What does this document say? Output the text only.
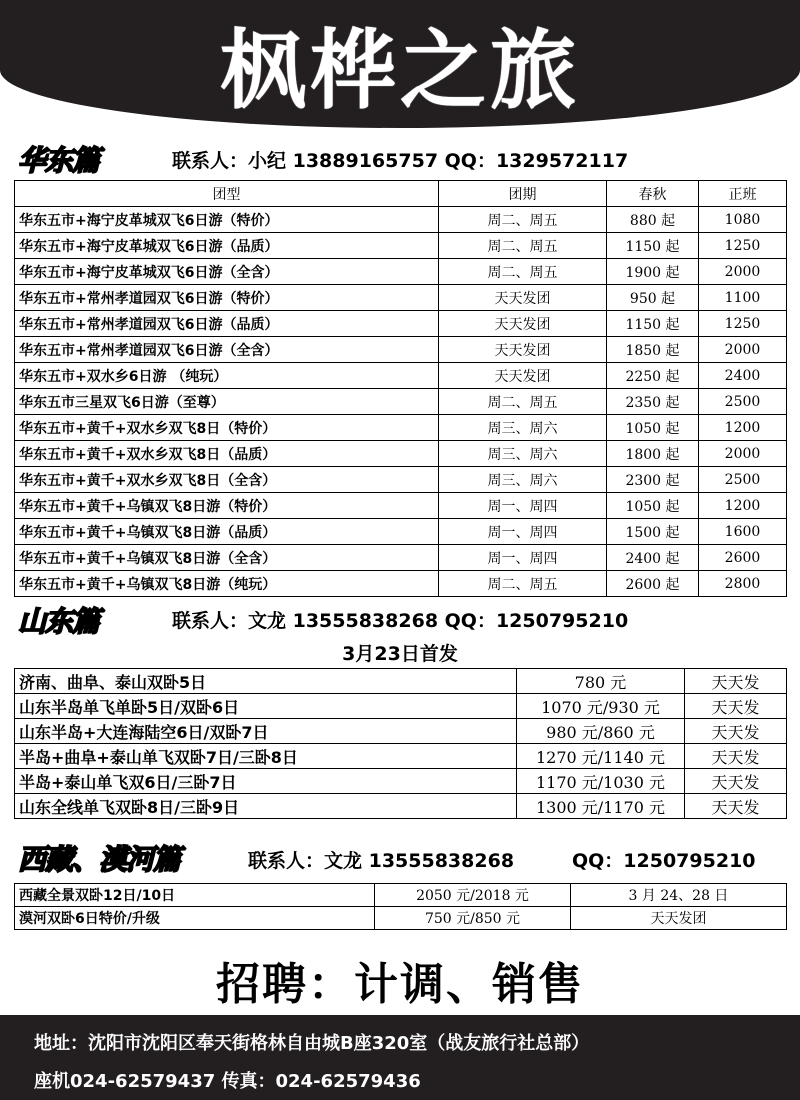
枫桦之旅
华东篇	联系人：小纪 13889165757 QQ：1329572117
团型	团期	春秋	正班
华东五市+海宁皮革城双飞6日游（特价）	周二、周五	880 起	1080
华东五市+海宁皮革城双飞6日游（品质）	周二、周五	1150 起	1250
华东五市+海宁皮革城双飞6日游（全含）	周二、周五	1900 起	2000
华东五市+常州孝道园双飞6日游（特价）	天天发团	950 起	1100
华东五市+常州孝道园双飞6日游（品质）	天天发团	1150 起	1250
华东五市+常州孝道园双飞6日游（全含）	天天发团	1850 起	2000
华东五市+双水乡6日游 （纯玩）	天天发团	2250 起	2400
华东五市三星双飞6日游（至尊）	周二、周五	2350 起	2500
华东五市+黄千+双水乡双飞8日（特价）	周三、周六	1050 起	1200
华东五市+黄千+双水乡双飞8日（品质）	周三、周六	1800 起	2000
华东五市+黄千+双水乡双飞8日（全含）	周三、周六	2300 起	2500
华东五市+黄千+乌镇双飞8日游（特价）	周一、周四	1050 起	1200
华东五市+黄千+乌镇双飞8日游（品质）	周一、周四	1500 起	1600
华东五市+黄千+乌镇双飞8日游（全含）	周一、周四	2400 起	2600
华东五市+黄千+乌镇双飞8日游（纯玩）	周二、周五	2600 起	2800
山东篇	联系人：文龙 13555838268 QQ：1250795210
3月23日首发
济南、曲阜、泰山双卧5日	780 元	天天发
山东半岛单飞单卧5日/双卧6日	1070 元/930 元	天天发
山东半岛+大连海陆空6日/双卧7日	980 元/860 元	天天发
半岛+曲阜+泰山单飞双卧7日/三卧8日	1270 元/1140 元	天天发
半岛+泰山单飞双6日/三卧7日	1170 元/1030 元	天天发
山东全线单飞双卧8日/三卧9日	1300 元/1170 元	天天发
西藏、漠河篇	联系人：文龙 13555838268	QQ：1250795210
西藏全景双卧12日/10日	2050 元/2018 元	3 月 24、28 日
漠河双卧6日特价/升级	750 元/850 元	天天发团
招聘：计调、销售
地址：沈阳市沈阳区奉天街格林自由城B座320室（战友旅行社总部）
座机024-62579437 传真：024-62579436
